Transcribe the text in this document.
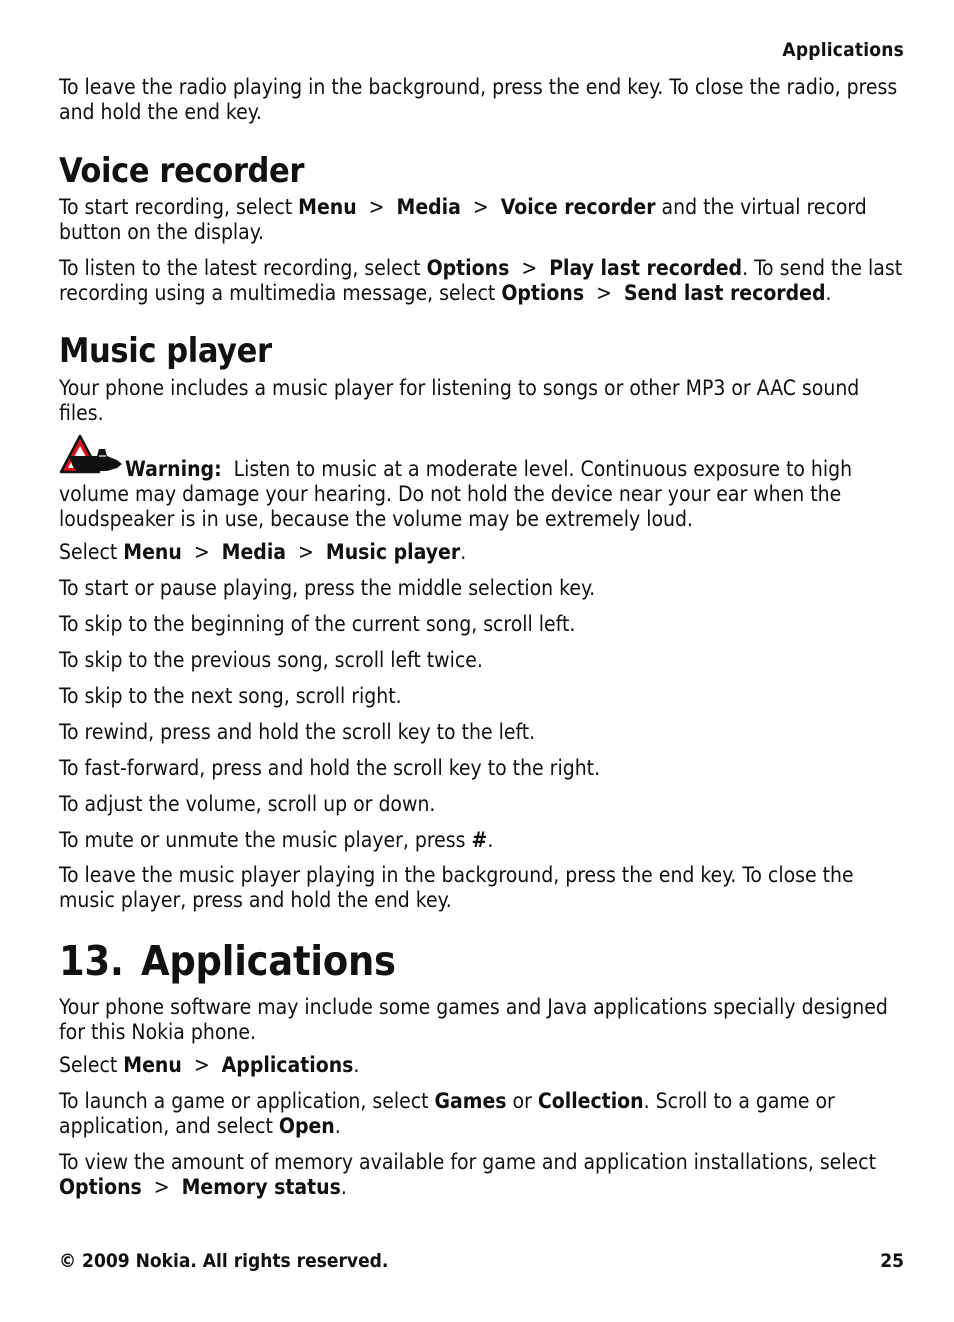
Applications

To leave the radio playing in the background, press the end key. To close the radio, press and hold the end key.

Voice recorder

To start recording, select Menu > Media > Voice recorder and the virtual record button on the display.

To listen to the latest recording, select Options > Play last recorded. To send the last recording using a multimedia message, select Options > Send last recorded.

Music player

Your phone includes a music player for listening to songs or other MP3 or AAC sound files.

Warning: Listen to music at a moderate level. Continuous exposure to high volume may damage your hearing. Do not hold the device near your ear when the loudspeaker is in use, because the volume may be extremely loud.

Select Menu > Media > Music player.

To start or pause playing, press the middle selection key.

To skip to the beginning of the current song, scroll left.

To skip to the previous song, scroll left twice.

To skip to the next song, scroll right.

To rewind, press and hold the scroll key to the left.

To fast-forward, press and hold the scroll key to the right.

To adjust the volume, scroll up or down.

To mute or unmute the music player, press #.

To leave the music player playing in the background, press the end key. To close the music player, press and hold the end key.

13. Applications

Your phone software may include some games and Java applications specially designed for this Nokia phone.

Select Menu > Applications.

To launch a game or application, select Games or Collection. Scroll to a game or application, and select Open.

To view the amount of memory available for game and application installations, select Options > Memory status.

© 2009 Nokia. All rights reserved.	25
